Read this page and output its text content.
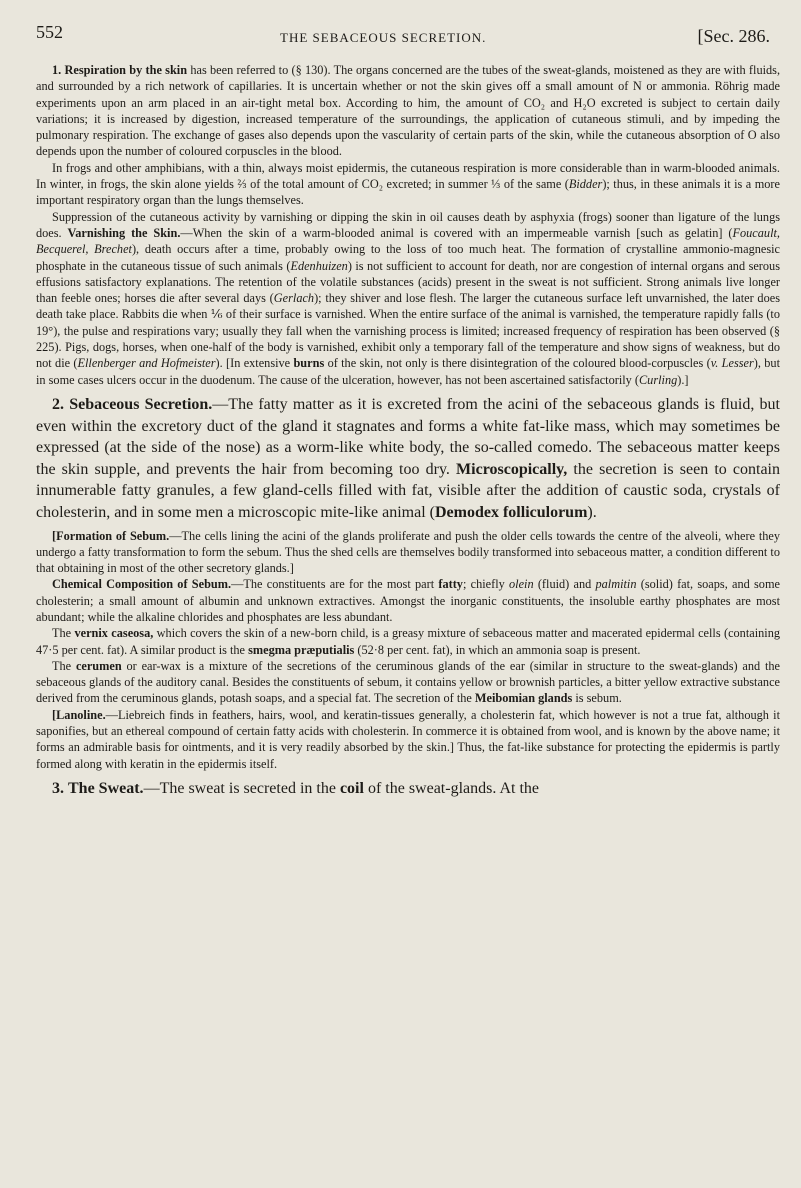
552	THE SEBACEOUS SECRETION.	[Sec. 286.

1. Respiration by the skin has been referred to (§ 130). The organs concerned are the tubes of the sweat-glands, moistened as they are with fluids, and surrounded by a rich network of capillaries. It is uncertain whether or not the skin gives off a small amount of N or ammonia. Röhrig made experiments upon an arm placed in an air-tight metal box. According to him, the amount of CO₂ and H₂O excreted is subject to certain daily variations; it is increased by digestion, increased temperature of the surroundings, the application of cutaneous stimuli, and by impeding the pulmonary respiration. The exchange of gases also depends upon the vascularity of certain parts of the skin, while the cutaneous absorption of O also depends upon the number of coloured corpuscles in the blood.

In frogs and other amphibians, with a thin, always moist epidermis, the cutaneous respiration is more considerable than in warm-blooded animals. In winter, in frogs, the skin alone yields ⅔ of the total amount of CO₂ excreted; in summer ⅓ of the same (Bidder); thus, in these animals it is a more important respiratory organ than the lungs themselves.

Suppression of the cutaneous activity by varnishing or dipping the skin in oil causes death by asphyxia (frogs) sooner than ligature of the lungs does. Varnishing the Skin.—When the skin of a warm-blooded animal is covered with an impermeable varnish [such as gelatin] (Foucault, Becquerel, Brechet), death occurs after a time, probably owing to the loss of too much heat. The formation of crystalline ammonio-magnesic phosphate in the cutaneous tissue of such animals (Edenhuizen) is not sufficient to account for death, nor are congestion of internal organs and serous effusions satisfactory explanations. The retention of the volatile substances (acids) present in the sweat is not sufficient. Strong animals live longer than feeble ones; horses die after several days (Gerlach); they shiver and lose flesh. The larger the cutaneous surface left unvarnished, the later does death take place. Rabbits die when ⅙ of their surface is varnished. When the entire surface of the animal is varnished, the temperature rapidly falls (to 19°), the pulse and respirations vary; usually they fall when the varnishing process is limited; increased frequency of respiration has been observed (§ 225). Pigs, dogs, horses, when one-half of the body is varnished, exhibit only a temporary fall of the temperature and show signs of weakness, but do not die (Ellenberger and Hofmeister). [In extensive burns of the skin, not only is there disintegration of the coloured blood-corpuscles (v. Lesser), but in some cases ulcers occur in the duodenum. The cause of the ulceration, however, has not been ascertained satisfactorily (Curling).]

2. Sebaceous Secretion.—The fatty matter as it is excreted from the acini of the sebaceous glands is fluid, but even within the excretory duct of the gland it stagnates and forms a white fat-like mass, which may sometimes be expressed (at the side of the nose) as a worm-like white body, the so-called comedo. The sebaceous matter keeps the skin supple, and prevents the hair from becoming too dry. Microscopically, the secretion is seen to contain innumerable fatty granules, a few gland-cells filled with fat, visible after the addition of caustic soda, crystals of cholesterin, and in some men a microscopic mite-like animal (Demodex folliculorum).

[Formation of Sebum.—The cells lining the acini of the glands proliferate and push the older cells towards the centre of the alveoli, where they undergo a fatty transformation to form the sebum. Thus the shed cells are themselves bodily transformed into sebaceous matter, a condition different to that obtaining in most of the other secretory glands.]

Chemical Composition of Sebum.—The constituents are for the most part fatty; chiefly olein (fluid) and palmitin (solid) fat, soaps, and some cholesterin; a small amount of albumin and unknown extractives. Amongst the inorganic constituents, the insoluble earthy phosphates are most abundant; while the alkaline chlorides and phosphates are less abundant.

The vernix caseosa, which covers the skin of a new-born child, is a greasy mixture of sebaceous matter and macerated epidermal cells (containing 47·5 per cent. fat). A similar product is the smegma præputialis (52·8 per cent. fat), in which an ammonia soap is present.

The cerumen or ear-wax is a mixture of the secretions of the ceruminous glands of the ear (similar in structure to the sweat-glands) and the sebaceous glands of the auditory canal. Besides the constituents of sebum, it contains yellow or brownish particles, a bitter yellow extractive substance derived from the ceruminous glands, potash soaps, and a special fat. The secretion of the Meibomian glands is sebum.

[Lanoline.—Liebreich finds in feathers, hairs, wool, and keratin-tissues generally, a cholesterin fat, which however is not a true fat, although it saponifies, but an ethereal compound of certain fatty acids with cholesterin. In commerce it is obtained from wool, and is known by the above name; it forms an admirable basis for ointments, and it is very readily absorbed by the skin.] Thus, the fat-like substance for protecting the epidermis is partly formed along with keratin in the epidermis itself.

3. The Sweat.—The sweat is secreted in the coil of the sweat-glands. At the
